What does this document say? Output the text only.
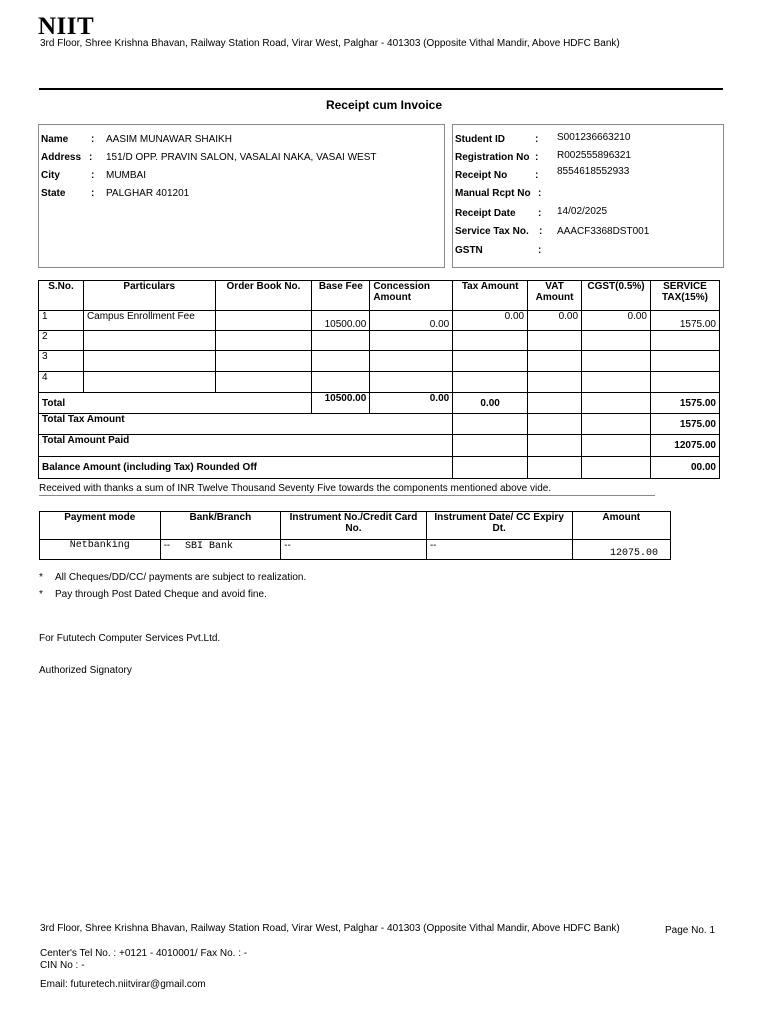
NIIT
3rd Floor, Shree Krishna Bhavan, Railway Station Road, Virar West, Palghar - 401303 (Opposite Vithal Mandir, Above HDFC Bank)
Receipt cum Invoice
Name : AASIM MUNAWAR SHAIKH
Address : 151/D OPP. PRAVIN SALON, VASALAI NAKA, VASAI WEST
City	: MUMBAI
State	: PALGHAR 401201
Student ID	: S001236663210
Registration No : R002555896321
Receipt No	: 8554618552933
Manual Rcpt No :
Receipt Date : 14/02/2025
Service Tax No. : AAACF3368DST001
GSTN	:
S.No.	Particulars	Order Book No.	Base Fee	Concession Amount	Tax Amount	VAT Amount	CGST(0.5%)	SERVICE TAX(15%)
1	Campus Enrollment Fee		10500.00	0.00	0.00	0.00	0.00	1575.00
2								
3								
4								
Total			10500.00	0.00	0.00			1575.00
Total Tax Amount								1575.00
Total Amount Paid								12075.00
Balance Amount (including Tax) Rounded Off								00.00
Received with thanks a sum of INR Twelve Thousand Seventy Five towards the components mentioned above vide.
Payment mode	Bank/Branch	Instrument No./Credit Card No.	Instrument Date/ CC Expiry Dt.	Amount
Netbanking	-- SBI Bank	--	--	12075.00
* All Cheques/DD/CC/ payments are subject to realization.
* Pay through Post Dated Cheque and avoid fine.
For Fututech Computer Services Pvt.Ltd.
Authorized Signatory
3rd Floor, Shree Krishna Bhavan, Railway Station Road, Virar West, Palghar - 401303 (Opposite Vithal Mandir, Above HDFC Bank)	Page No. 1
Center's Tel No. : +0121 - 4010001/ Fax No. : -
CIN No : -
Email: futuretech.niitvirar@gmail.com
